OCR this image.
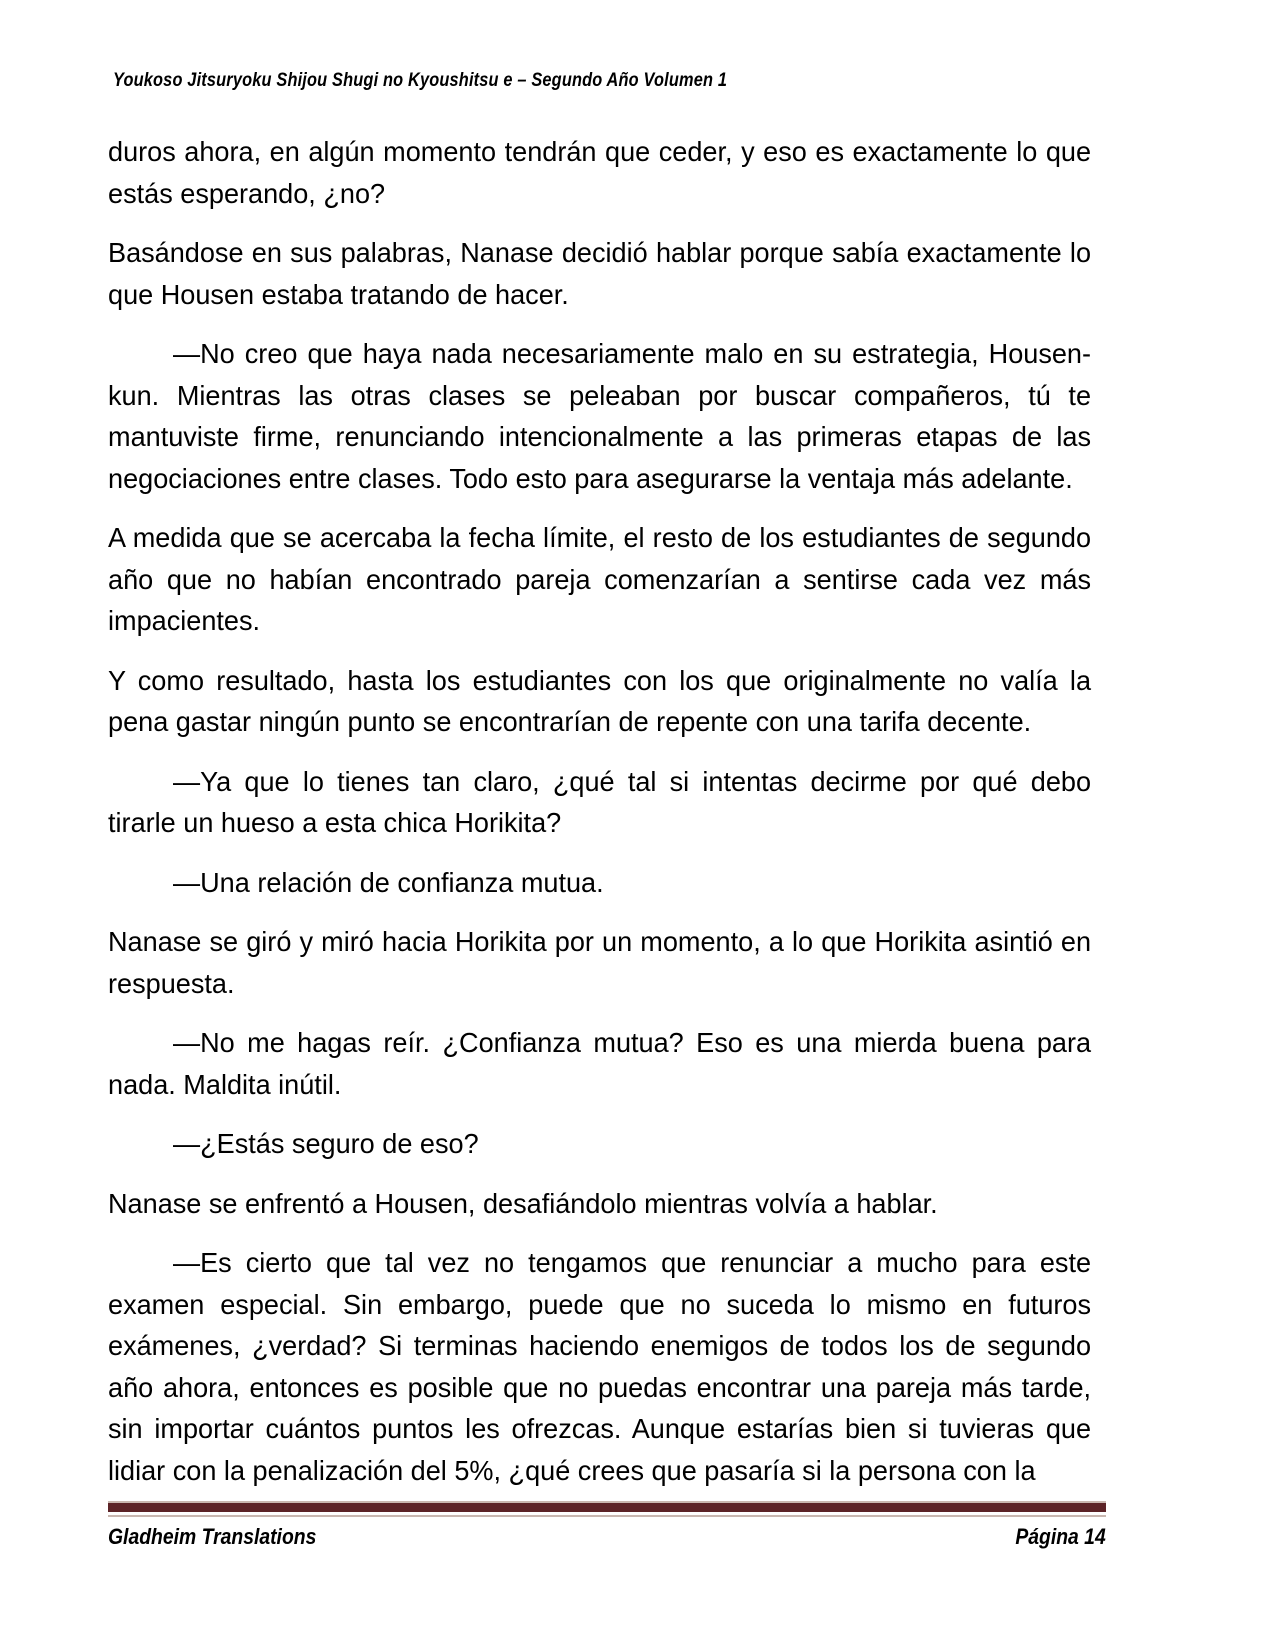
Youkoso Jitsuryoku Shijou Shugi no Kyoushitsu e – Segundo Año Volumen 1

duros ahora, en algún momento tendrán que ceder, y eso es exactamente lo que estás esperando, ¿no?

Basándose en sus palabras, Nanase decidió hablar porque sabía exactamente lo que Housen estaba tratando de hacer.

—No creo que haya nada necesariamente malo en su estrategia, Housen-kun. Mientras las otras clases se peleaban por buscar compañeros, tú te mantuviste firme, renunciando intencionalmente a las primeras etapas de las negociaciones entre clases. Todo esto para asegurarse la ventaja más adelante.

A medida que se acercaba la fecha límite, el resto de los estudiantes de segundo año que no habían encontrado pareja comenzarían a sentirse cada vez más impacientes.

Y como resultado, hasta los estudiantes con los que originalmente no valía la pena gastar ningún punto se encontrarían de repente con una tarifa decente.

—Ya que lo tienes tan claro, ¿qué tal si intentas decirme por qué debo tirarle un hueso a esta chica Horikita?

—Una relación de confianza mutua.

Nanase se giró y miró hacia Horikita por un momento, a lo que Horikita asintió en respuesta.

—No me hagas reír. ¿Confianza mutua? Eso es una mierda buena para nada. Maldita inútil.

—¿Estás seguro de eso?

Nanase se enfrentó a Housen, desafiándolo mientras volvía a hablar.

—Es cierto que tal vez no tengamos que renunciar a mucho para este examen especial. Sin embargo, puede que no suceda lo mismo en futuros exámenes, ¿verdad? Si terminas haciendo enemigos de todos los de segundo año ahora, entonces es posible que no puedas encontrar una pareja más tarde, sin importar cuántos puntos les ofrezcas. Aunque estarías bien si tuvieras que lidiar con la penalización del 5%, ¿qué crees que pasaría si la persona con la

Gladheim Translations	Página 14
